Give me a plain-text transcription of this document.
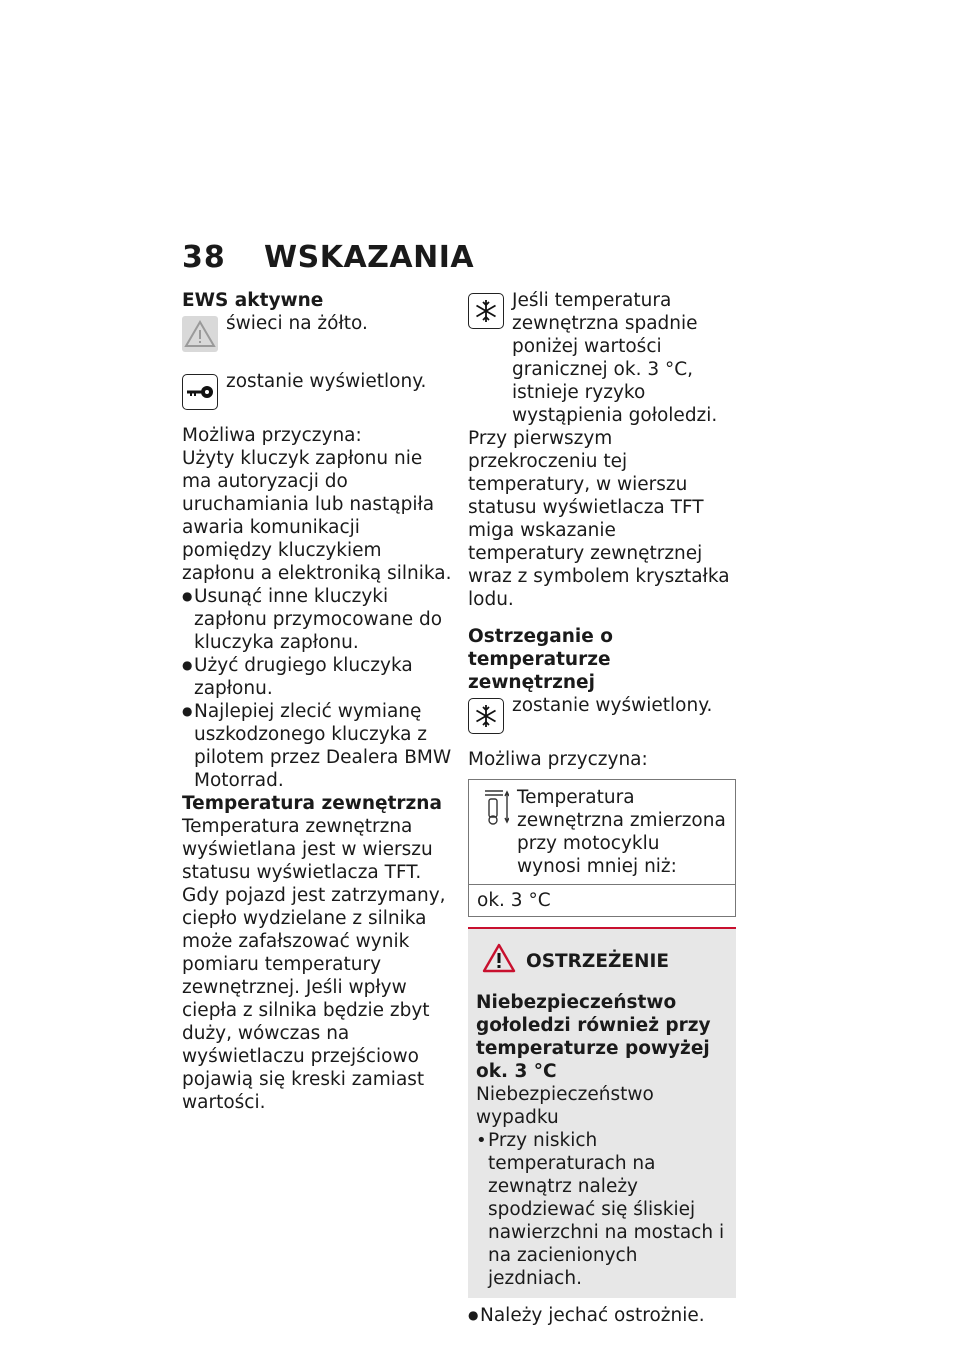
38	WSKAZANIA

EWS aktywne

świeci na żółto.
zostanie wyświetlony.

Możliwa przyczyna:

Użyty kluczyk zapłonu nie ma autoryzacji do uruchamiania lub nastąpiła awaria komunikacji pomiędzy kluczykiem zapłonu a elektroniką silnika.

● Usunąć inne kluczyki zapłonu przymocowane do kluczyka zapłonu.
● Użyć drugiego kluczyka zapłonu.
● Najlepiej zlecić wymianę uszkodzonego kluczyka z pilotem przez Dealera BMW Motorrad.

Temperatura zewnętrzna

Temperatura zewnętrzna wyświetlana jest w wierszu statusu wyświetlacza TFT. Gdy pojazd jest zatrzymany, ciepło wydzielane z silnika może zafałszować wynik pomiaru temperatury zewnętrznej. Jeśli wpływ ciepła z silnika będzie zbyt duży, wówczas na wyświetlaczu przejściowo pojawią się kreski zamiast wartości.

Jeśli temperatura zewnętrzna spadnie poniżej wartości granicznej ok. 3 °C, istnieje ryzyko wystąpienia gołoledzi.

Przy pierwszym przekroczeniu tej temperatury, w wierszu statusu wyświetlacza TFT miga wskazanie temperatury zewnętrznej wraz z symbolem kryształka lodu.

Ostrzeganie o temperaturze zewnętrznej

zostanie wyświetlony.

Możliwa przyczyna:

Temperatura zewnętrzna zmierzona przy motocyklu wynosi mniej niż:
ok. 3 °C
OSTRZEŻENIE

Niebezpieczeństwo gołoledzi również przy temperaturze powyżej ok. 3 °C

Niebezpieczeństwo wypadku

• Przy niskich temperaturach na zewnątrz należy spodziewać się śliskiej nawierzchni na mostach i na zacienionych jezdniach.
● Należy jechać ostrożnie.
